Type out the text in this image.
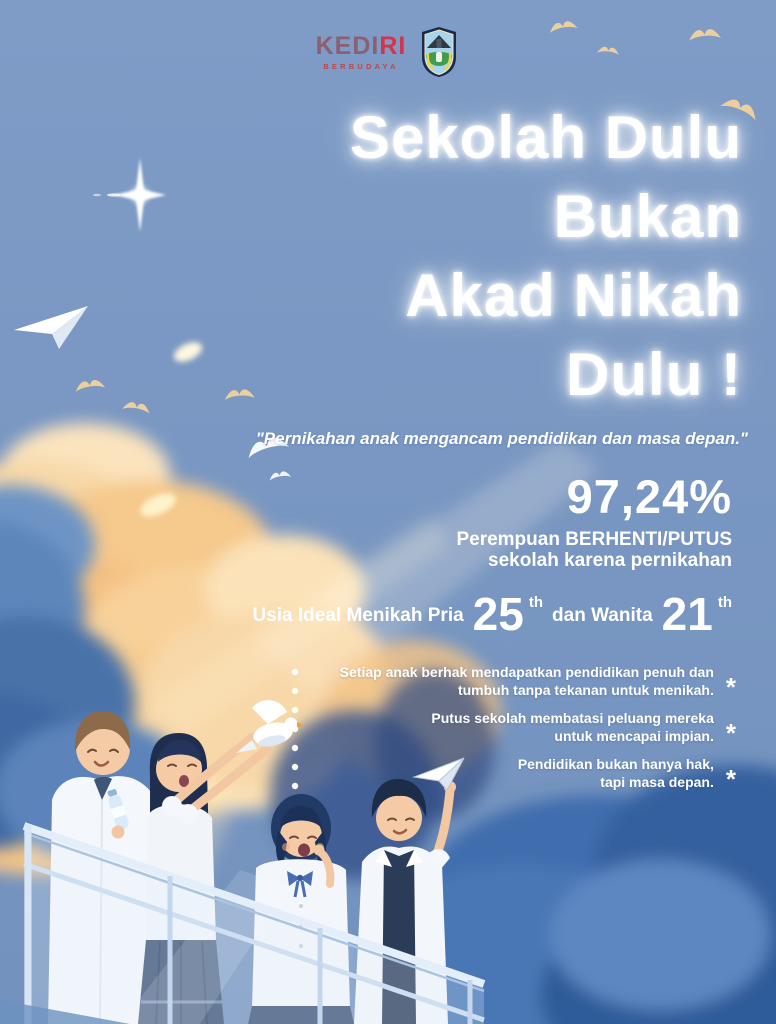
KEDIRI
BERBUDAYA
Sekolah Dulu
Bukan
Akad Nikah
Dulu !
"Pernikahan anak mengancam pendidikan dan masa depan."
97,24%
Perempuan BERHENTI/PUTUS
sekolah karena pernikahan
Usia Ideal Menikah Pria 25 th
dan Wanita 21 th
Setiap anak berhak mendapatkan pendidikan penuh dan
tumbuh tanpa tekanan untuk menikah. *
Putus sekolah membatasi peluang mereka
untuk mencapai impian. *
Pendidikan bukan hanya hak,
tapi masa depan. *
